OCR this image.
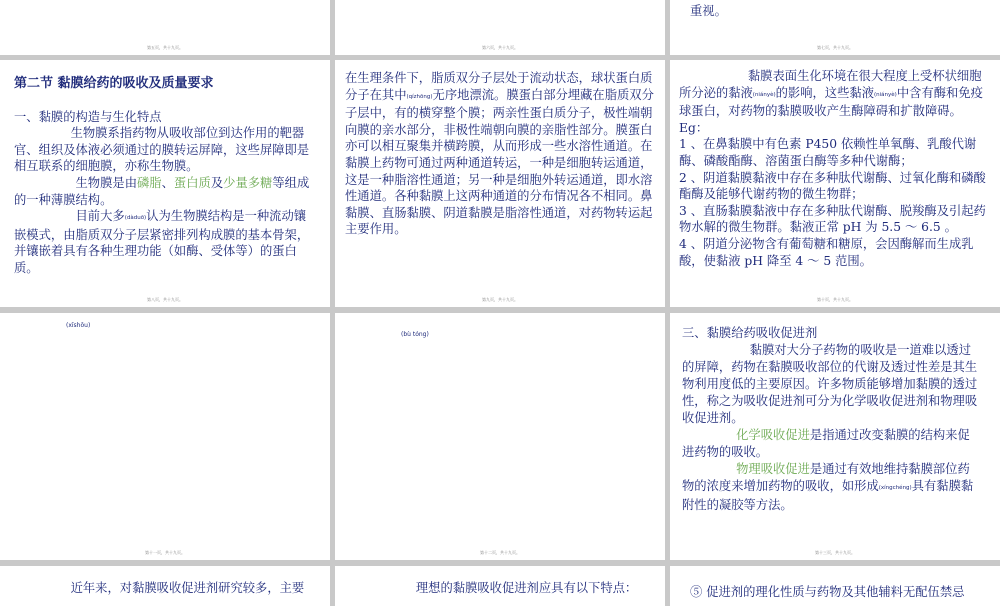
第五页，共十九页。	第六页，共十九页。
重视。
第七页，共十九页。

第二节 黏膜给药的吸收及质量要求

一、黏膜的构造与生化特点

生物膜系指药物从吸收部位到达作用的靶器官、组织及体液必须通过的膜转运屏障，这些屏障即是相互联系的细胞膜，亦称生物膜。

生物膜是由磷脂、蛋白质及少量多糖等组成的一种薄膜结构。

目前大多(dàduō)认为生物膜结构是一种流动镶嵌模式，由脂质双分子层紧密排列构成膜的基本骨架，并镶嵌着具有各种生理功能（如酶、受体等）的蛋白质。

第八页，共十九页。

在生理条件下，脂质双分子层处于流动状态，球状蛋白质分子在其中(qízhōng)无序地漂流。膜蛋白部分埋藏在脂质双分子层中，有的横穿整个膜；两亲性蛋白质分子，极性端朝向膜的亲水部分，非极性端朝向膜的亲脂性部分。膜蛋白亦可以相互聚集并横跨膜，从而形成一些水溶性通道。在黏膜上药物可通过两种通道转运，一种是细胞转运通道，这是一种脂溶性通道；另一种是细胞外转运通道，即水溶性通道。各种黏膜上这两种通道的分布情况各不相同。鼻黏膜、直肠黏膜、阴道黏膜是脂溶性通道，对药物转运起主要作用。

第九页，共十九页。

黏膜表面生化环境在很大程度上受杯状细胞所分泌的黏液(niányè)的影响，这些黏液(niányè)中含有酶和免疫球蛋白，对药物的黏膜吸收产生酶障碍和扩散障碍。 Eg：

1 、在鼻黏膜中有色素 P450 依赖性单氧酶、乳酸代谢酶、磷酸酯酶、溶菌蛋白酶等多种代谢酶；

2 、阴道黏膜黏液中存在多种肽代谢酶、过氧化酶和磷酸酯酶及能够代谢药物的微生物群；

3 、直肠黏膜黏液中存在多种肽代谢酶、脱羧酶及引起药物水解的微生物群。黏液正常 pH 为 5.5 ～ 6.5 。

4 、阴道分泌物含有葡萄糖和糖原，会因酶解而生成乳酸，使黏液 pH 降至 4 ～ 5 范围。

第十页，共十九页。
(xīshōu)
第十一页，共十九页。
(bù tóng)
第十二页，共十九页。

三、黏膜给药吸收促进剂

黏膜对大分子药物的吸收是一道难以透过的屏障，药物在黏膜吸收部位的代谢及透过性差是其生物利用度低的主要原因。许多物质能够增加黏膜的透过性，称之为吸收促进剂可分为化学吸收促进剂和物理吸收促进剂。

化学吸收促进是指通过改变黏膜的结构来促进药物的吸收。

物理吸收促进是通过有效地维持黏膜部位药物的浓度来增加药物的吸收，如形成(xíngchéng)具有黏膜黏附性的凝胶等方法。

第十三页，共十九页。
近年来，对黏膜吸收促进剂研究较多，主要	理想的黏膜吸收促进剂应具有以下特点：	⑤ 促进剂的理化性质与药物及其他辅料无配伍禁忌
